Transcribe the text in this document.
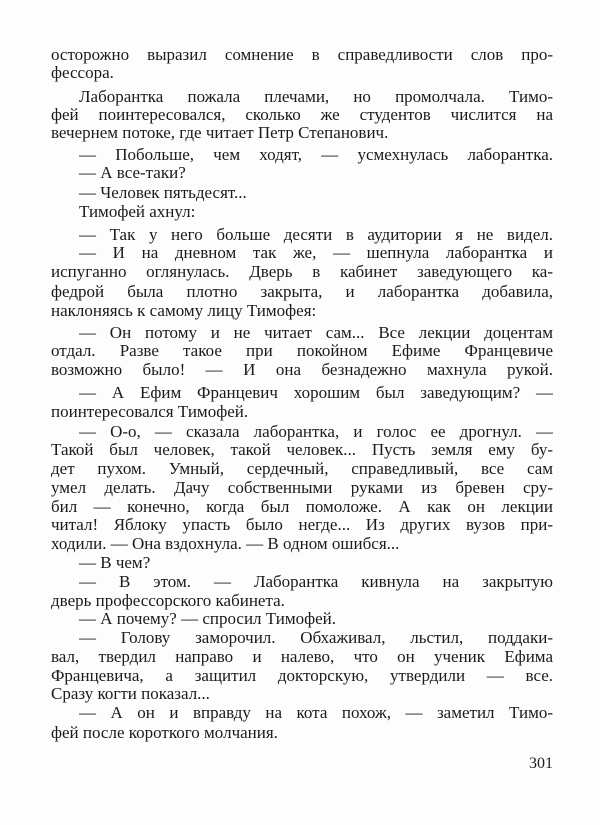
осторожно выразил сомнение в справедливости слов про-
фессора.
Лаборантка пожала плечами, но промолчала. Тимо-
фей поинтересовался, сколько же студентов числится на
вечернем потоке, где читает Петр Степанович.
— Побольше, чем ходят, — усмехнулась лаборантка.
— А все-таки?
— Человек пятьдесят...
Тимофей ахнул:
— Так у него больше десяти в аудитории я не видел.
— И на дневном так же, — шепнула лаборантка и
испуганно оглянулась. Дверь в кабинет заведующего ка-
федрой была плотно закрыта, и лаборантка добавила,
наклоняясь к самому лицу Тимофея:
— Он потому и не читает сам... Все лекции доцентам
отдал. Разве такое при покойном Ефиме Францевиче
возможно было! — И она безнадежно махнула рукой.
— А Ефим Францевич хорошим был заведующим? —
поинтересовался Тимофей.
— О-о, — сказала лаборантка, и голос ее дрогнул. —
Такой был человек, такой человек... Пусть земля ему бу-
дет пухом. Умный, сердечный, справедливый, все сам
умел делать. Дачу собственными руками из бревен сру-
бил — конечно, когда был помоложе. А как он лекции
читал! Яблоку упасть было негде... Из других вузов при-
ходили. — Она вздохнула. — В одном ошибся...
— В чем?
— В этом. — Лаборантка кивнула на закрытую
дверь профессорского кабинета.
— А почему? — спросил Тимофей.
— Голову заморочил. Обхаживал, льстил, поддаки-
вал, твердил направо и налево, что он ученик Ефима
Францевича, а защитил докторскую, утвердили — все.
Сразу когти показал...
— А он и вправду на кота похож, — заметил Тимо-
фей после короткого молчания.
301
